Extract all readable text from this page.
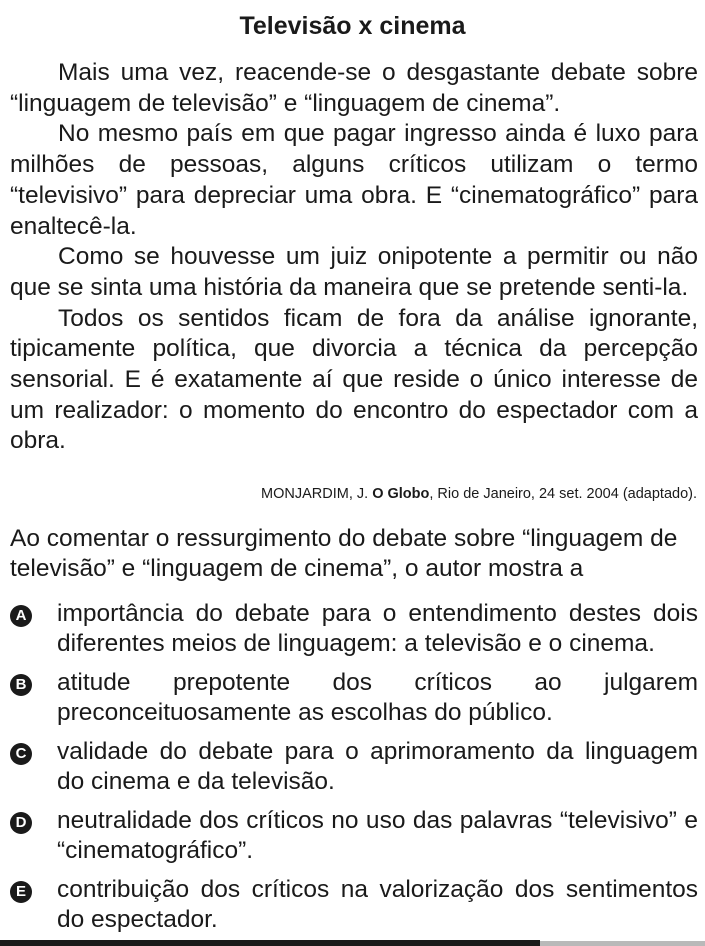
Televisão x cinema

Mais uma vez, reacende-se o desgastante debate sobre “linguagem de televisão” e “linguagem de cinema”.

No mesmo país em que pagar ingresso ainda é luxo para milhões de pessoas, alguns críticos utilizam o termo “televisivo” para depreciar uma obra. E “cinematográfico” para enaltecê-la.

Como se houvesse um juiz onipotente a permitir ou não que se sinta uma história da maneira que se pretende senti-la.

Todos os sentidos ficam de fora da análise ignorante, tipicamente política, que divorcia a técnica da percepção sensorial. E é exatamente aí que reside o único interesse de um realizador: o momento do encontro do espectador com a obra.

MONJARDIM, J. O Globo, Rio de Janeiro, 24 set. 2004 (adaptado).

Ao comentar o ressurgimento do debate sobre “linguagem de televisão” e “linguagem de cinema”, o autor mostra a

A importância do debate para o entendimento destes dois diferentes meios de linguagem: a televisão e o cinema.
B atitude prepotente dos críticos ao julgarem preconceituosamente as escolhas do público.
C validade do debate para o aprimoramento da linguagem do cinema e da televisão.
D neutralidade dos críticos no uso das palavras “televisivo” e “cinematográfico”.
E contribuição dos críticos na valorização dos sentimentos do espectador.
